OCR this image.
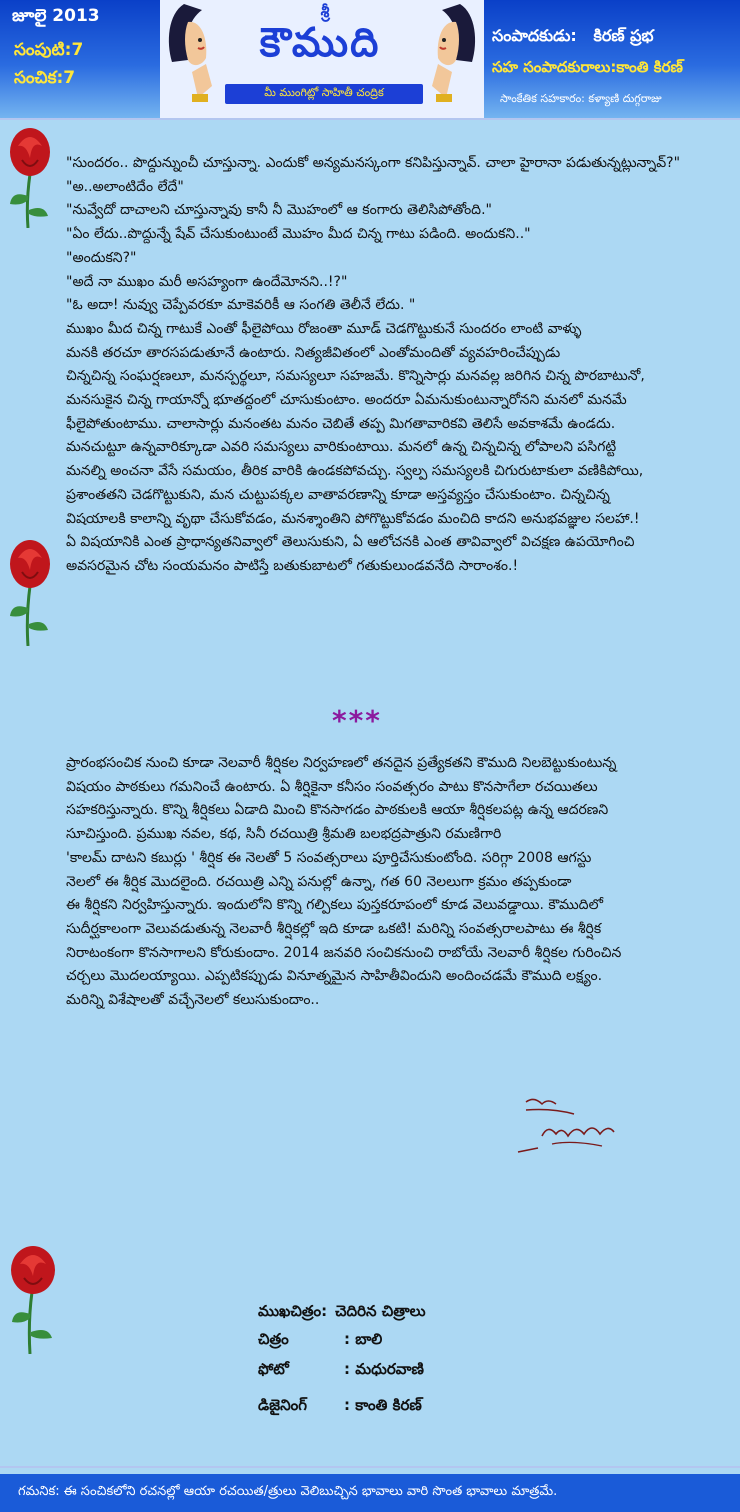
జూలై 2013
సంపుటి:7
సంచిక:7
శ్రీ
కౌముది
మీ ముంగిట్లో సాహితీ చంద్రిక
సంపాదకుడు:   కిరణ్ ప్రభ
సహ సంపాదకురాలు:కాంతి కిరణ్
సాంకేతిక సహకారం: కళ్యాణి దుగ్గరాజు

"సుందరం.. పొద్దున్నుంచీ చూస్తున్నా. ఎందుకో అన్యమనస్కంగా కనిపిస్తున్నావ్. చాలా హైరానా పడుతున్నట్లున్నావ్?"

"అ..అలాంటిదేం లేదే"

"నువ్వేదో దాచాలని చూస్తున్నావు కానీ నీ మొహంలో ఆ కంగారు తెలిసిపోతోంది."

"ఏం లేదు..పొద్దున్నే షేవ్ చేసుకుంటుంటే మొహం మీద చిన్న గాటు పడింది. అందుకని.."

"అందుకని?"

"అదే నా ముఖం మరీ అసహ్యంగా ఉందేమోనని..!?"

"ఓ అదా! నువ్వు చెప్పేవరకూ మాకెవరికీ ఆ సంగతి తెలీనే లేదు. "

ముఖం మీద చిన్న గాటుకే ఎంతో ఫీలైపోయి రోజంతా మూడ్ చెడగొట్టుకునే సుందరం లాంటి వాళ్ళు

మనకి తరచూ తారసపడుతూనే ఉంటారు. నిత్యజీవితంలో ఎంతోమందితో వ్యవహరించేప్పుడు

చిన్నచిన్న సంఘర్షణలూ, మనస్పర్థలూ, సమస్యలూ సహజమే. కొన్నిసార్లు మనవల్ల జరిగిన చిన్న పొరబాటునో,

మనసుకైన చిన్న గాయాన్నో భూతద్దంలో చూసుకుంటాం. అందరూ ఏమనుకుంటున్నారోనని మనలో మనమే

ఫీలైపోతుంటాము. చాలాసార్లు మనంతట మనం చెబితే తప్ప మిగతావారికవి తెలిసే అవకాశమే ఉండదు.

మనచుట్టూ ఉన్నవారిక్కూడా ఎవరి సమస్యలు వారికుంటాయి. మనలో ఉన్న చిన్నచిన్న లోపాలని పసిగట్టి

మనల్ని అంచనా వేసే సమయం, తీరిక వారికి ఉండకపోవచ్చు. స్వల్ప సమస్యలకి చిగురుటాకులా వణికిపోయి,

ప్రశాంతతని చెడగొట్టుకుని, మన చుట్టుపక్కల వాతావరణాన్ని కూడా అస్తవ్యస్తం చేసుకుంటాం. చిన్నచిన్న

విషయాలకి కాలాన్ని వృథా చేసుకోవడం, మనశ్శాంతిని పోగొట్టుకోవడం మంచిది కాదని అనుభవజ్ఞుల సలహా.!

ఏ విషయానికి ఎంత ప్రాధాన్యతనివ్వాలో తెలుసుకుని, ఏ ఆలోచనకి ఎంత తావివ్వాలో విచక్షణ ఉపయోగించి

అవసరమైన చోట సంయమనం పాటిస్తే బతుకుబాటలో గతుకులుండవనేది సారాంశం.!

***

ప్రారంభసంచిక నుంచి కూడా నెలవారీ శీర్షికల నిర్వహణలో తనదైన ప్రత్యేకతని కౌముది నిలబెట్టుకుంటున్న

విషయం పాఠకులు గమనించే ఉంటారు. ఏ శీర్షికైనా కనీసం సంవత్సరం పాటు కొనసాగేలా రచయితలు

సహకరిస్తున్నారు. కొన్ని శీర్షికలు ఏడాది మించి కొనసాగడం పాఠకులకి ఆయా శీర్షికలపట్ల ఉన్న ఆదరణని

సూచిస్తుంది. ప్రముఖ నవల, కథ, సినీ రచయిత్రి శ్రీమతి బలభద్రపాత్రుని రమణిగారి

'కాలమ్ దాటని కబుర్లు ' శీర్షిక ఈ నెలతో 5 సంవత్సరాలు పూర్తిచేసుకుంటోంది. సరిగ్గా 2008 ఆగస్టు

నెలలో ఈ శీర్షిక మొదలైంది. రచయిత్రి ఎన్ని పనుల్లో ఉన్నా, గత 60 నెలలుగా క్రమం తప్పకుండా

ఈ శీర్షికని నిర్వహిస్తున్నారు. ఇందులోని కొన్ని గల్పికలు పుస్తకరూపంలో కూడ వెలువడ్డాయి. కౌముదిలో

సుదీర్ఘకాలంగా వెలువడుతున్న నెలవారీ శీర్షికల్లో ఇది కూడా ఒకటి! మరిన్ని సంవత్సరాలపాటు ఈ శీర్షిక

నిరాటంకంగా కొనసాగాలని కోరుకుందాం. 2014 జనవరి సంచికనుంచి రాబోయే నెలవారీ శీర్షికల గురించిన

చర్చలు మొదలయ్యాయి. ఎప్పటికప్పుడు వినూత్నమైన సాహితీవిందుని అందించడమే కౌముది లక్ష్యం.

మరిన్ని విశేషాలతో వచ్చేనెలలో కలుసుకుందాం..

ముఖచిత్రం: చెదిరిన చిత్రాలు
చిత్రం	: బాలి
ఫోటో	: మధురవాణి
డిజైనింగ్ : కాంతి కిరణ్
గమనిక: ఈ సంచికలోని రచనల్లో ఆయా రచయిత/త్రులు వెలిబుచ్చిన భావాలు వారి సొంత భావాలు మాత్రమే.
